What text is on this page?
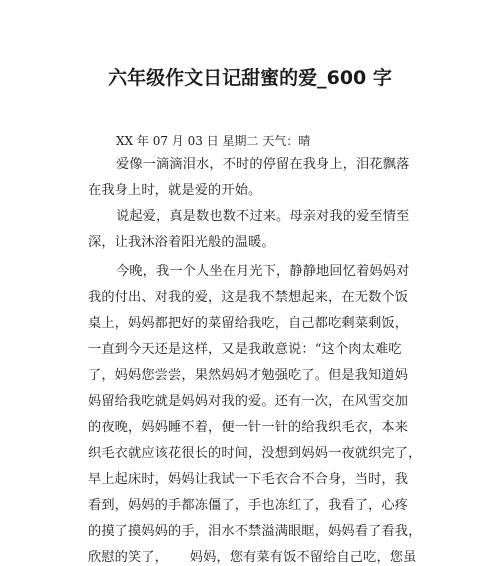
六年级作文日记甜蜜的爱_600 字
XX 年 07 月 03 日 星期二 天气：晴
爱像一滴滴泪水，不时的停留在我身上，泪花飘落
在我身上时，就是爱的开始。
说起爱，真是数也数不过来。母亲对我的爱至情至
深，让我沐浴着阳光般的温暖。
今晚，我一个人坐在月光下，静静地回忆着妈妈对
我的付出、对我的爱，这是我不禁想起来，在无数个饭
桌上，妈妈都把好的菜留给我吃，自己都吃剩菜剩饭，
一直到今天还是这样，又是我敢意说：“这个肉太难吃
了，妈妈您尝尝，果然妈妈才勉强吃了。但是我知道妈
妈留给我吃就是妈妈对我的爱。还有一次，在风雪交加
的夜晚，妈妈睡不着，便一针一针的给我织毛衣，本来
织毛衣就应该花很长的时间，没想到妈妈一夜就织完了，
早上起床时，妈妈让我试一下毛衣合不合身，当时，我
看到，妈妈的手都冻僵了，手也冻红了，我看了，心疼
的摸了摸妈妈的手，泪水不禁溢满眼眶，妈妈看了看我，
欣慰的笑了，     妈妈，您有菜有饭不留给自己吃，您虽
